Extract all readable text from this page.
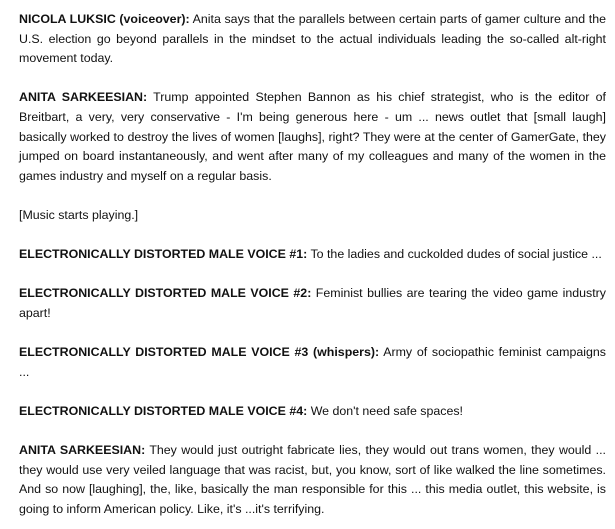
NICOLA LUKSIC (voiceover): Anita says that the parallels between certain parts of gamer culture and the U.S. election go beyond parallels in the mindset to the actual individuals leading the so-called alt-right movement today.

ANITA SARKEESIAN: Trump appointed Stephen Bannon as his chief strategist, who is the editor of Breitbart, a very, very conservative - I'm being generous here - um ... news outlet that [small laugh] basically worked to destroy the lives of women [laughs], right? They were at the center of GamerGate, they jumped on board instantaneously, and went after many of my colleagues and many of the women in the games industry and myself on a regular basis.

[Music starts playing.]

ELECTRONICALLY DISTORTED MALE VOICE #1: To the ladies and cuckolded dudes of social justice ...

ELECTRONICALLY DISTORTED MALE VOICE #2: Feminist bullies are tearing the video game industry apart!

ELECTRONICALLY DISTORTED MALE VOICE #3 (whispers): Army of sociopathic feminist campaigns ...

ELECTRONICALLY DISTORTED MALE VOICE #4: We don't need safe spaces!

ANITA SARKEESIAN: They would just outright fabricate lies, they would out trans women, they would ... they would use very veiled language that was racist, but, you know, sort of like walked the line sometimes. And so now [laughing], the, like, basically the man responsible for this ... this media outlet, this website, is going to inform American policy. Like, it's ...it's terrifying.
